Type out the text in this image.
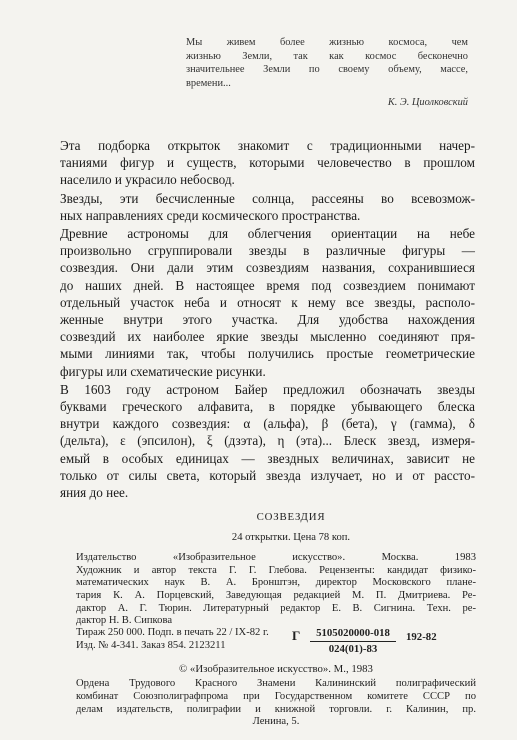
Мы живем более жизнью космоса, чем
жизнью Земли, так как космос бесконечно
значительнее Земли по своему объему, массе,
времени...
К. Э. Циолковский
Эта подборка открыток знакомит с традиционными начер-
таниями фигур и существ, которыми человечество в прошлом
населило и украсило небосвод.
Звезды, эти бесчисленные солнца, рассеяны во всевозмож-
ных направлениях среди космического пространства.
Древние астрономы для облегчения ориентации на небе
произвольно сгруппировали звезды в различные фигуры —
созвездия. Они дали этим созвездиям названия, сохранившиеся
до наших дней. В настоящее время под созвездием понимают
отдельный участок неба и относят к нему все звезды, располо-
женные внутри этого участка. Для удобства нахождения
созвездий их наиболее яркие звезды мысленно соединяют пря-
мыми линиями так, чтобы получились простые геометрические
фигуры или схематические рисунки.
В 1603 году астроном Байер предложил обозначать звезды
буквами греческого алфавита, в порядке убывающего блеска
внутри каждого созвездия: α (альфа), β (бета), γ (гамма), δ
(дельта), ε (эпсилон), ξ (дзэта), η (эта)... Блеск звезд, измеря-
емый в особых единицах — звездных величинах, зависит не
только от силы света, который звезда излучает, но и от рассто-
яния до нее.
СОЗВЕЗДИЯ
24 открытки. Цена 78 коп.
Издательство «Изобразительное искусство». Москва. 1983
Художник и автор текста Г. Г. Глебова. Рецензенты: кандидат физико-
математических наук В. А. Бронштэн, директор Московского плане-
тария К. А. Порцевский, Заведующая редакцией М. П. Дмитриева. Ре-
дактор А. Г. Тюрин. Литературный редактор Е. В. Сигнина. Техн. ре-
дактор Н. В. Сипкова
Тираж 250 000. Подп. в печать 22 / IX-82 г.
Изд. № 4-341. Заказ 854. 2123211
Г $\frac{5105020000-018}{024(01)-83} 192-82$
© «Изобразительное искусство». М., 1983
Ордена Трудового Красного Знамени Калининский полиграфический
комбинат Союзполиграфпрома при Государственном комитете СССР по
делам издательств, полиграфии и книжной торговли. г. Калинин, пр.
Ленина, 5.
